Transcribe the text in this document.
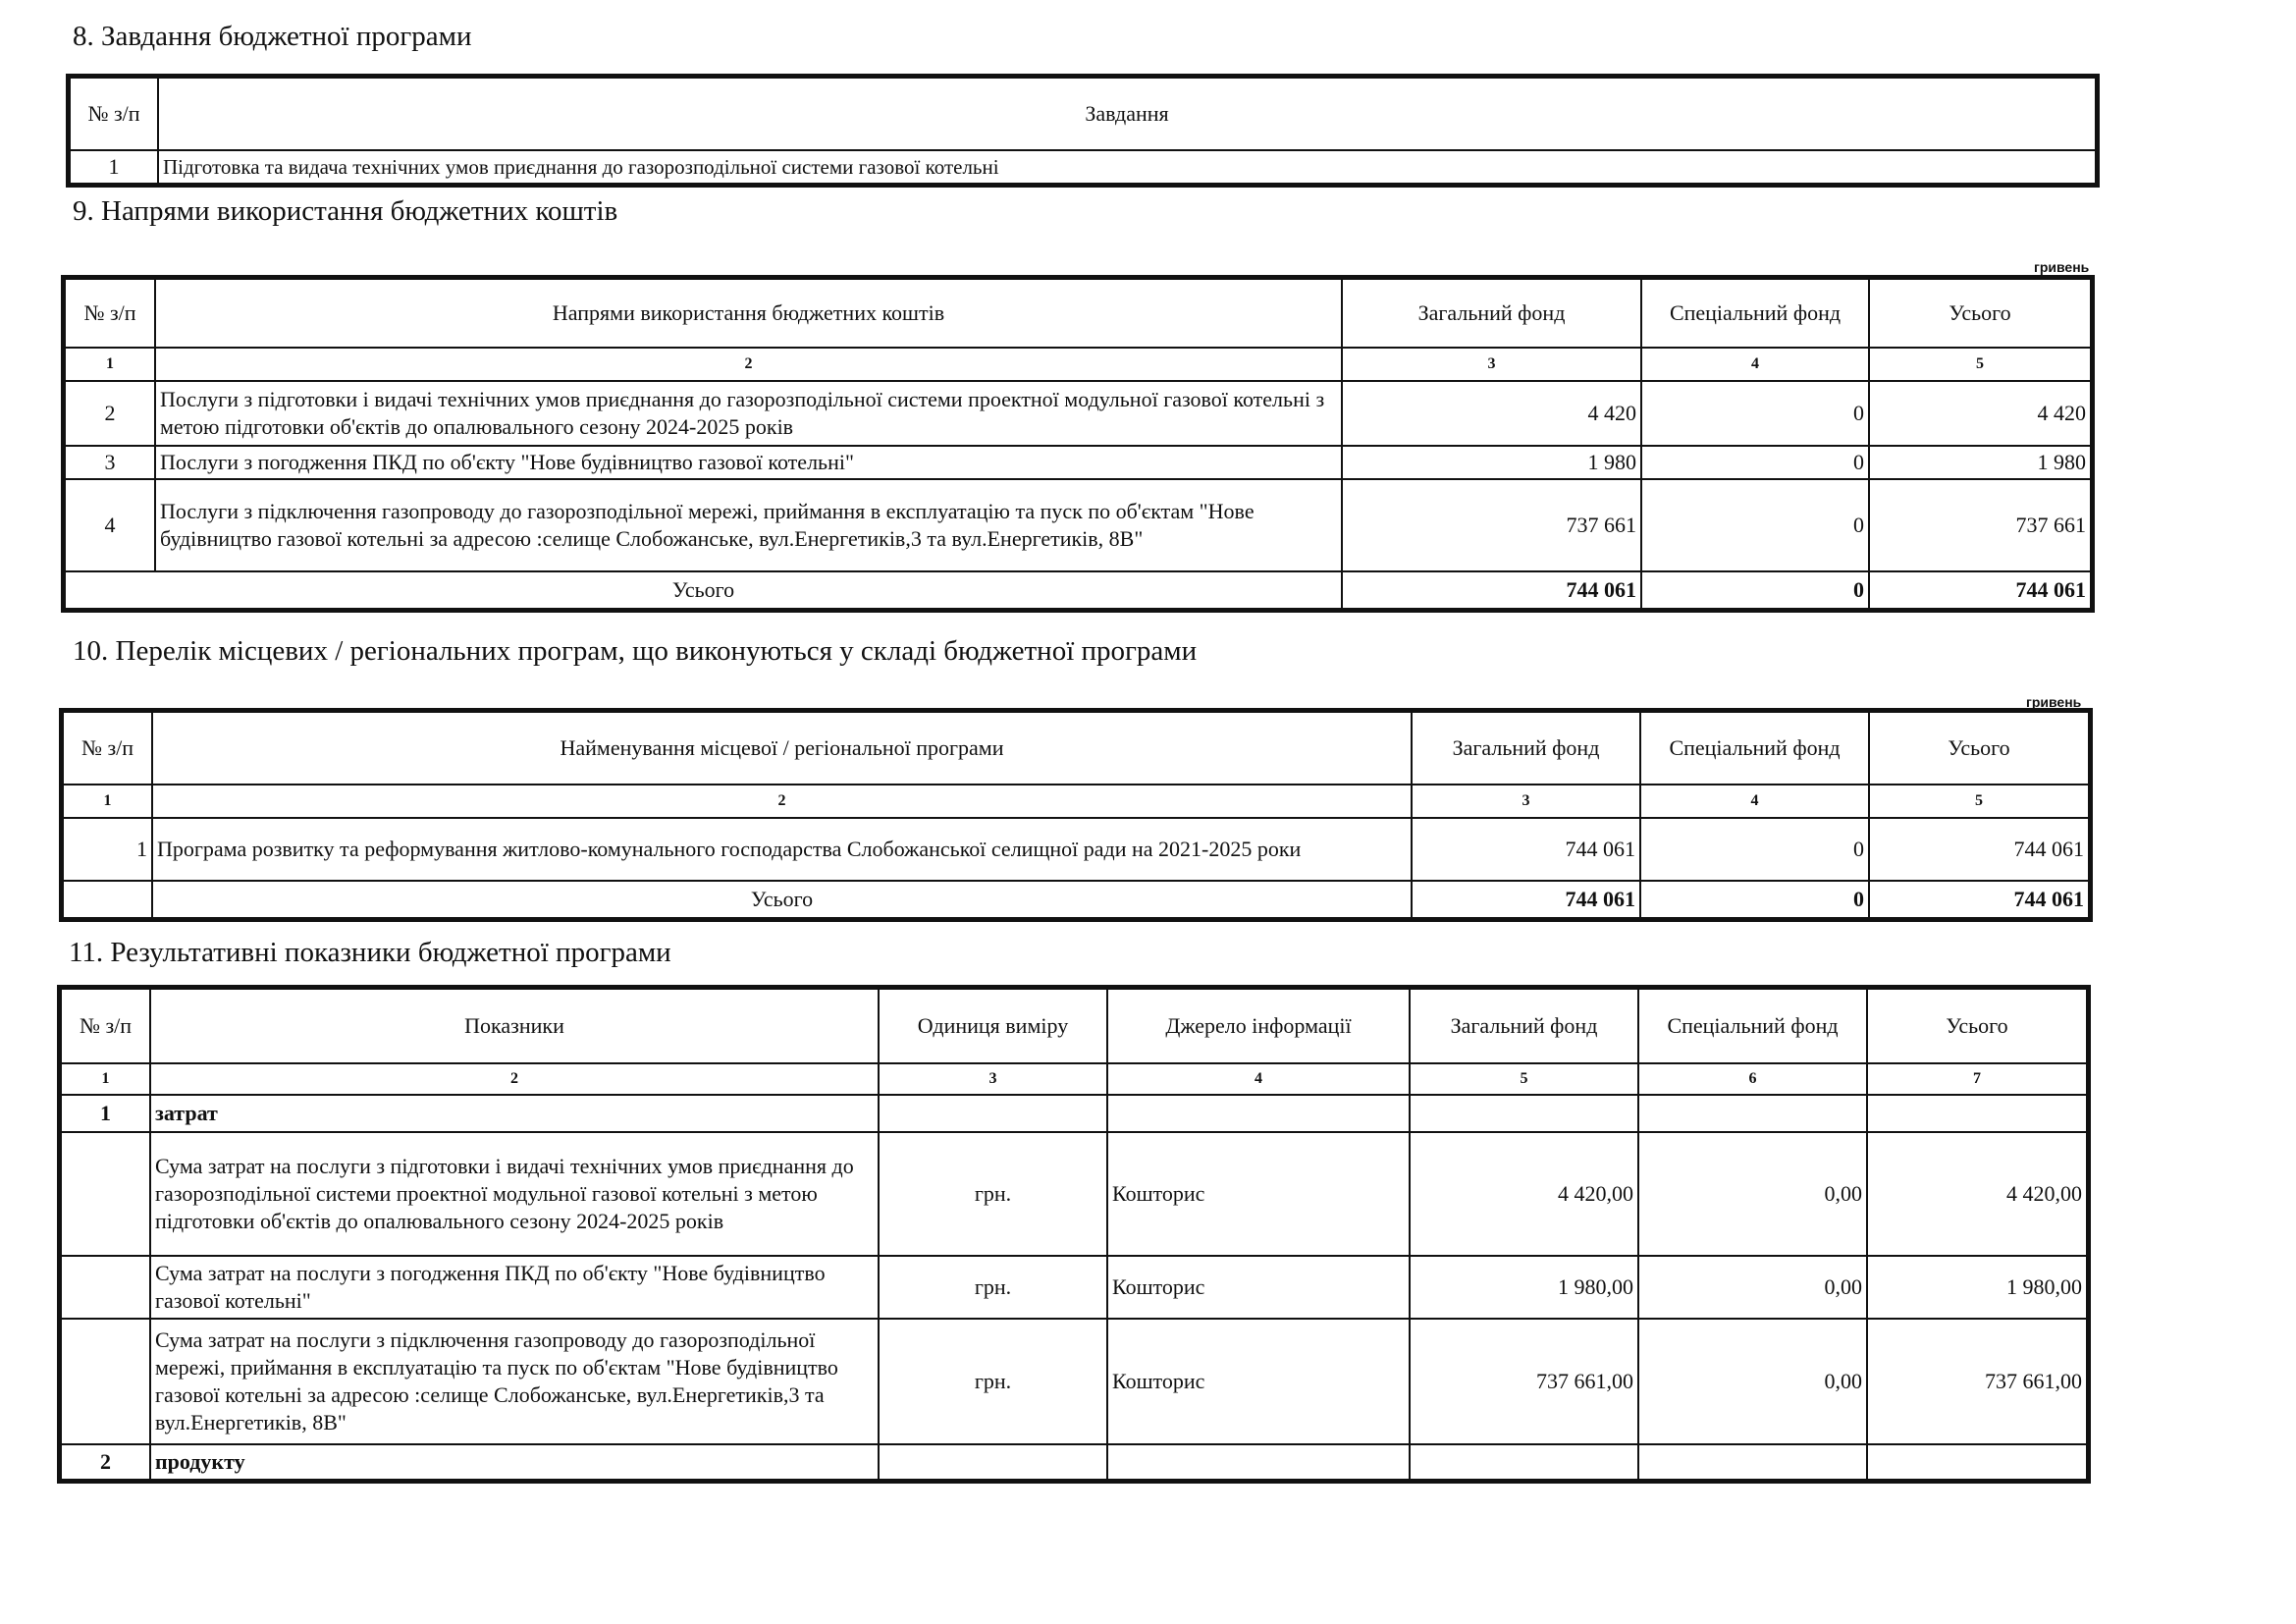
8. Завдання бюджетної програми
№ з/п	Завдання
1	Підготовка та видача технічних умов приєднання до газорозподільної системи газової котельні
9. Напрями використання бюджетних коштів
гривень
№ з/п	Напрями використання бюджетних коштів	Загальний фонд	Спеціальний фонд	Усього
1	2	3	4	5
2	Послуги з підготовки і видачі технічних умов приєднання до газорозподільної системи проектної модульної газової котельні з метою підготовки об'єктів до опалювального сезону 2024-2025 років	4 420	0	4 420
3	Послуги з погодження ПКД по об'єкту "Нове будівництво газової котельні"	1 980	0	1 980
4	Послуги з підключення газопроводу до газорозподільної мережі, приймання в експлуатацію та пуск по об'єктам "Нове будівництво газової котельні за адресою :селище Слобожанське, вул.Енергетиків,3 та вул.Енергетиків, 8В"	737 661	0	737 661
Усього		744 061	0	744 061
10. Перелік місцевих / регіональних програм, що виконуються у складі бюджетної програми
гривень
№ з/п	Найменування місцевої / регіональної програми	Загальний фонд	Спеціальний фонд	Усього
1	2	3	4	5
1	Програма розвитку та реформування житлово-комунального господарства Слобожанської селищної ради на 2021-2025 роки	744 061	0	744 061
	Усього	744 061	0	744 061
11. Результативні показники бюджетної програми
№ з/п	Показники	Одиниця виміру	Джерело інформації	Загальний фонд	Спеціальний фонд	Усього
1	2	3	4	5	6	7
1	затрат					
	Сума затрат на послуги з підготовки і видачі технічних умов приєднання до газорозподільної системи проектної модульної газової котельні з метою підготовки об'єктів до опалювального сезону 2024-2025 років	грн.	Кошторис	4 420,00	0,00	4 420,00
	Сума затрат на послуги з погодження ПКД по об'єкту "Нове будівництво газової котельні"	грн.	Кошторис	1 980,00	0,00	1 980,00
	Сума затрат на послуги з підключення газопроводу до газорозподільної мережі, приймання в експлуатацію та пуск по об'єктам "Нове будівництво газової котельні за адресою :селище Слобожанське, вул.Енергетиків,3 та вул.Енергетиків, 8В"	грн.	Кошторис	737 661,00	0,00	737 661,00
2	продукту					
